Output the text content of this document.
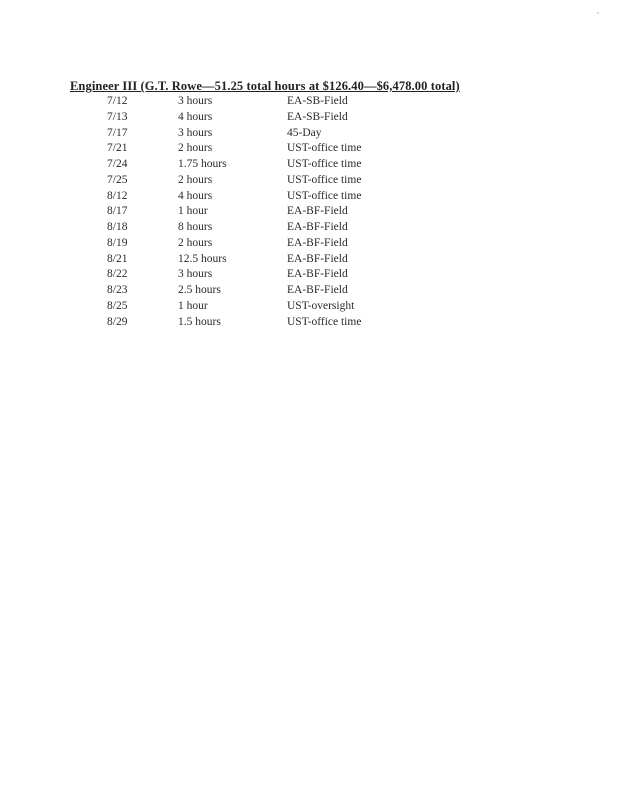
Engineer III (G.T. Rowe—51.25 total hours at $126.40—$6,478.00 total)
7/12	3 hours	EA-SB-Field
7/13	4 hours	EA-SB-Field
7/17	3 hours	45-Day
7/21	2 hours	UST-office time
7/24	1.75 hours	UST-office time
7/25	2 hours	UST-office time
8/12	4 hours	UST-office time
8/17	1 hour	EA-BF-Field
8/18	8 hours	EA-BF-Field
8/19	2 hours	EA-BF-Field
8/21	12.5 hours	EA-BF-Field
8/22	3 hours	EA-BF-Field
8/23	2.5 hours	EA-BF-Field
8/25	1 hour	UST-oversight
8/29	1.5 hours	UST-office time
